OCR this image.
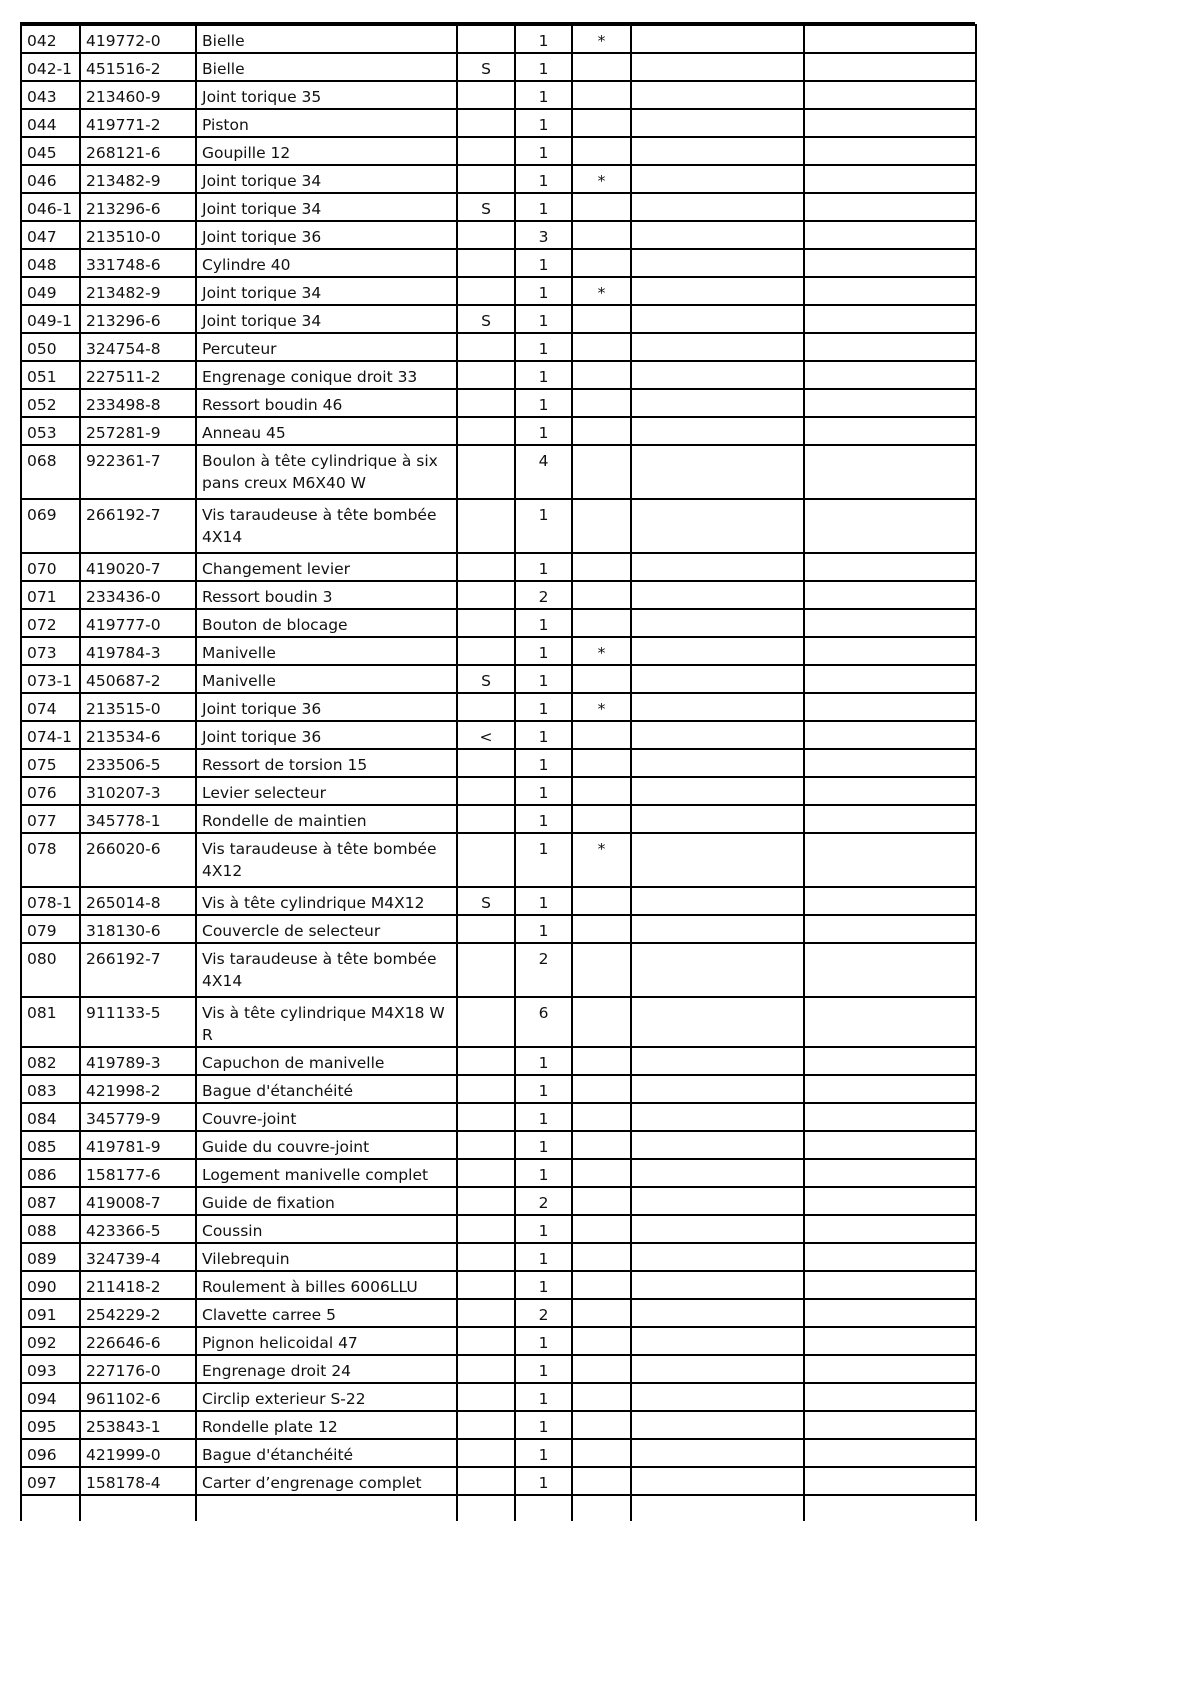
042	419772-0	Bielle		1	*		
042-1	451516-2	Bielle	S	1			
043	213460-9	Joint torique 35		1			
044	419771-2	Piston		1			
045	268121-6	Goupille 12		1			
046	213482-9	Joint torique 34		1	*		
046-1	213296-6	Joint torique 34	S	1			
047	213510-0	Joint torique 36		3			
048	331748-6	Cylindre 40		1			
049	213482-9	Joint torique 34		1	*		
049-1	213296-6	Joint torique 34	S	1			
050	324754-8	Percuteur		1			
051	227511-2	Engrenage conique droit 33		1			
052	233498-8	Ressort boudin 46		1			
053	257281-9	Anneau 45		1			
068	922361-7	Boulon à tête cylindrique à six pans creux M6X40 W		4			
069	266192-7	Vis taraudeuse à tête bombée 4X14		1			
070	419020-7	Changement levier		1			
071	233436-0	Ressort boudin 3		2			
072	419777-0	Bouton de blocage		1			
073	419784-3	Manivelle		1	*		
073-1	450687-2	Manivelle	S	1			
074	213515-0	Joint torique 36		1	*		
074-1	213534-6	Joint torique 36	<	1			
075	233506-5	Ressort de torsion 15		1			
076	310207-3	Levier selecteur		1			
077	345778-1	Rondelle de maintien		1			
078	266020-6	Vis taraudeuse à tête bombée 4X12		1	*		
078-1	265014-8	Vis à tête cylindrique M4X12	S	1			
079	318130-6	Couvercle de selecteur		1			
080	266192-7	Vis taraudeuse à tête bombée 4X14		2			
081	911133-5	Vis à tête cylindrique M4X18 WR		6			
082	419789-3	Capuchon de manivelle		1			
083	421998-2	Bague d'étanchéité		1			
084	345779-9	Couvre-joint		1			
085	419781-9	Guide du couvre-joint		1			
086	158177-6	Logement manivelle complet		1			
087	419008-7	Guide de fixation		2			
088	423366-5	Coussin		1			
089	324739-4	Vilebrequin		1			
090	211418-2	Roulement à billes 6006LLU		1			
091	254229-2	Clavette carree 5		2			
092	226646-6	Pignon helicoidal 47		1			
093	227176-0	Engrenage droit 24		1			
094	961102-6	Circlip exterieur S-22		1			
095	253843-1	Rondelle plate 12		1			
096	421999-0	Bague d'étanchéité		1			
097	158178-4	Carter d’engrenage complet		1			
